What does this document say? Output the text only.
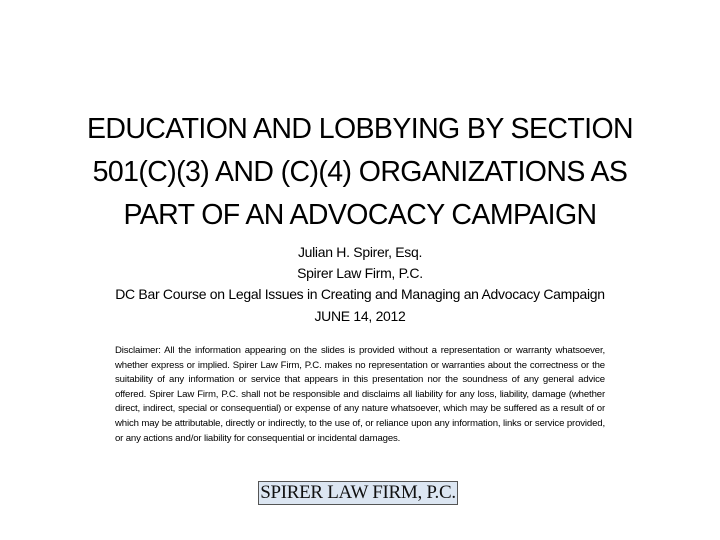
EDUCATION AND LOBBYING BY SECTION
501(C)(3) AND (C)(4) ORGANIZATIONS AS
PART OF AN ADVOCACY CAMPAIGN
Julian H. Spirer, Esq.
Spirer Law Firm, P.C.
DC Bar Course on Legal Issues in Creating and Managing an Advocacy Campaign
JUNE 14, 2012
Disclaimer: All the information appearing on the slides is provided without a representation or warranty whatsoever, whether express or implied. Spirer Law Firm, P.C. makes no representation or warranties about the correctness or the suitability of any information or service that appears in this presentation nor the soundness of any general advice offered. Spirer Law Firm, P.C. shall not be responsible and disclaims all liability for any loss, liability, damage (whether direct, indirect, special or consequential) or expense of any nature whatsoever, which may be suffered as a result of or which may be attributable, directly or indirectly, to the use of, or reliance upon any information, links or service provided, or any actions and/or liability for consequential or incidental damages.
SPIRER LAW FIRM, P.C.
